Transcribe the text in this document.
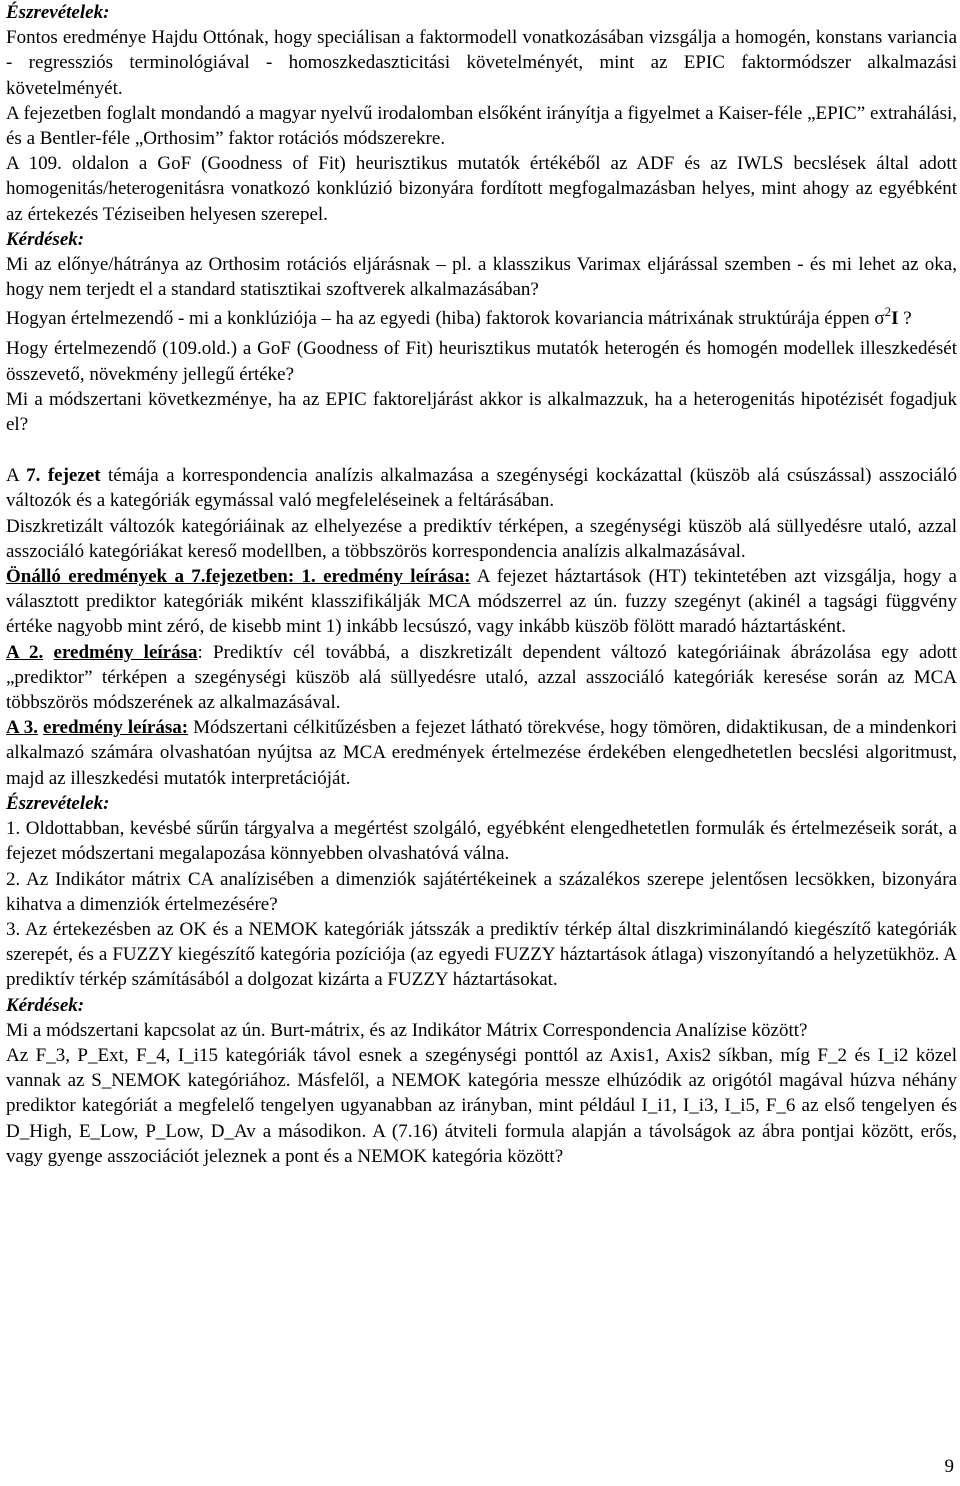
Észrevételek:

Fontos eredménye Hajdu Ottónak, hogy speciálisan a faktormodell vonatkozásában vizsgálja a homogén, konstans variancia - regressziós terminológiával - homoszkedaszticitási követelményét, mint az EPIC faktormódszer alkalmazási követelményét.

A fejezetben foglalt mondandó a magyar nyelvű irodalomban elsőként irányítja a figyelmet a Kaiser-féle „EPIC” extrahálási, és a Bentler-féle „Orthosim” faktor rotációs módszerekre.

A 109. oldalon a GoF (Goodness of Fit) heurisztikus mutatók értékéből az ADF és az IWLS becslések által adott homogenitás/heterogenitásra vonatkozó konklúzió bizonyára fordított megfogalmazásban helyes, mint ahogy az egyébként az értekezés Téziseiben helyesen szerepel.

Kérdések:

Mi az előnye/hátránya az Orthosim rotációs eljárásnak – pl. a klasszikus Varimax eljárással szemben - és mi lehet az oka, hogy nem terjedt el a standard statisztikai szoftverek alkalmazásában?

Hogyan értelmezendő - mi a konklúziója – ha az egyedi (hiba) faktorok kovariancia mátrixának struktúrája éppen $\sigma^2I$ ?

Hogy értelmezendő (109.old.) a GoF (Goodness of Fit) heurisztikus mutatók heterogén és homogén modellek illeszkedését összevető, növekmény jellegű értéke?

Mi a módszertani következménye, ha az EPIC faktoreljárást akkor is alkalmazzuk, ha a heterogenitás hipotézisét fogadjuk el?

A 7. fejezet témája a korrespondencia analízis alkalmazása a szegénységi kockázattal (küszöb alá csúszással) asszociáló változók és a kategóriák egymással való megfeleléseinek a feltárásában.

Diszkretizált változók kategóriáinak az elhelyezése a prediktív térképen, a szegénységi küszöb alá süllyedésre utaló, azzal asszociáló kategóriákat kereső modellben, a többszörös korrespondencia analízis alkalmazásával.

Önálló eredmények a 7.fejezetben: 1. eredmény leírása: A fejezet háztartások (HT) tekintetében azt vizsgálja, hogy a választott prediktor kategóriák miként klasszifikálják MCA módszerrel az ún. fuzzy szegényt (akinél a tagsági függvény értéke nagyobb mint zéró, de kisebb mint 1) inkább lecsúszó, vagy inkább küszöb fölött maradó háztartásként.

A 2. eredmény leírása: Prediktív cél továbbá, a diszkretizált dependent változó kategóriáinak ábrázolása egy adott „prediktor” térképen a szegénységi küszöb alá süllyedésre utaló, azzal asszociáló kategóriák keresése során az MCA többszörös módszerének az alkalmazásával.

A 3. eredmény leírása: Módszertani célkitűzésben a fejezet látható törekvése, hogy tömören, didaktikusan, de a mindenkori alkalmazó számára olvashatóan nyújtsa az MCA eredmények értelmezése érdekében elengedhetetlen becslési algoritmust, majd az illeszkedési mutatók interpretációját.

Észrevételek:

1. Oldottabban, kevésbé sűrűn tárgyalva a megértést szolgáló, egyébként elengedhetetlen formulák és értelmezéseik sorát, a fejezet módszertani megalapozása könnyebben olvashatóvá válna.

2. Az Indikátor mátrix CA analízisében a dimenziók sajátértékeinek a százalékos szerepe jelentősen lecsökken, bizonyára kihatva a dimenziók értelmezésére?

3. Az értekezésben az OK és a NEMOK kategóriák játsszák a prediktív térkép által diszkriminálandó kiegészítő kategóriák szerepét, és a FUZZY kiegészítő kategória pozíciója (az egyedi FUZZY háztartások átlaga) viszonyítandó a helyzetükhöz. A prediktív térkép számításából a dolgozat kizárta a FUZZY háztartásokat.

Kérdések:

Mi a módszertani kapcsolat az ún. Burt-mátrix, és az Indikátor Mátrix Correspondencia Analízise között?

Az F_3, P_Ext, F_4, I_i15 kategóriák távol esnek a szegénységi ponttól az Axis1, Axis2 síkban, míg F_2 és I_i2 közel vannak az S_NEMOK kategóriához. Másfelől, a NEMOK kategória messze elhúzódik az origótól magával húzva néhány prediktor kategóriát a megfelelő tengelyen ugyanabban az irányban, mint például I_i1, I_i3, I_i5, F_6 az első tengelyen és D_High, E_Low, P_Low, D_Av a másodikon. A (7.16) átviteli formula alapján a távolságok az ábra pontjai között, erős, vagy gyenge asszociációt jeleznek a pont és a NEMOK kategória között?

9
